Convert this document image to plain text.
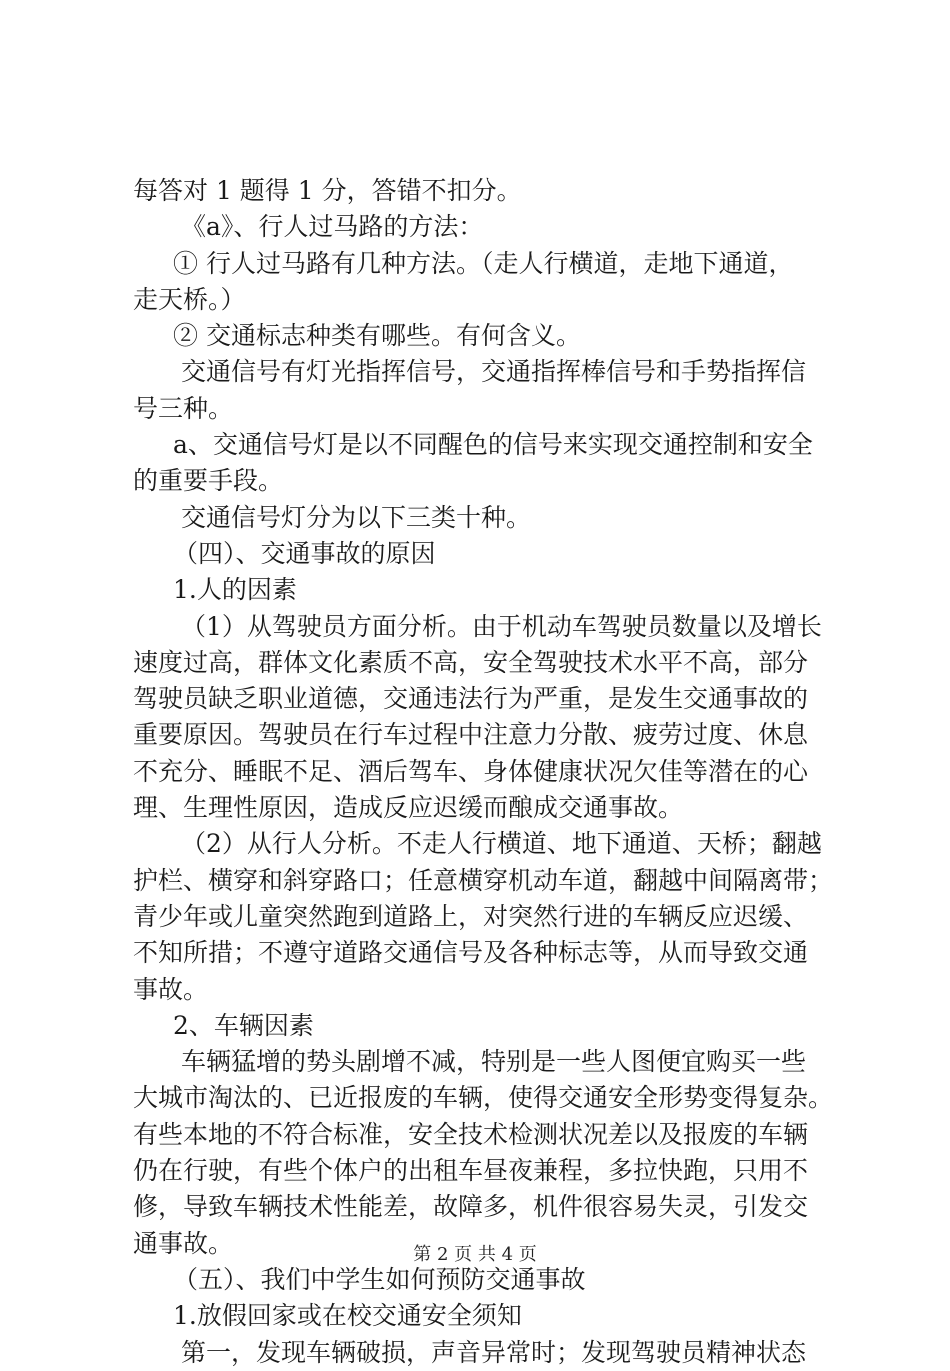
每答对 1 题得 1 分，答错不扣分。
《a》、行人过马路的方法：
① 行人过马路有几种方法。（走人行横道，走地下通道，
走天桥。）
② 交通标志种类有哪些。有何含义。
交通信号有灯光指挥信号，交通指挥棒信号和手势指挥信
号三种。
a、交通信号灯是以不同醒色的信号来实现交通控制和安全
的重要手段。
交通信号灯分为以下三类十种。
（四）、交通事故的原因
1.人的因素
（1）从驾驶员方面分析。由于机动车驾驶员数量以及增长
速度过高，群体文化素质不高，安全驾驶技术水平不高，部分
驾驶员缺乏职业道德，交通违法行为严重，是发生交通事故的
重要原因。驾驶员在行车过程中注意力分散、疲劳过度、休息
不充分、睡眠不足、酒后驾车、身体健康状况欠佳等潜在的心
理、生理性原因，造成反应迟缓而酿成交通事故。
（2）从行人分析。不走人行横道、地下通道、天桥；翻越
护栏、横穿和斜穿路口；任意横穿机动车道，翻越中间隔离带；
青少年或儿童突然跑到道路上，对突然行进的车辆反应迟缓、
不知所措；不遵守道路交通信号及各种标志等，从而导致交通
事故。
2、车辆因素
车辆猛增的势头剧增不减，特别是一些人图便宜购买一些
大城市淘汰的、已近报废的车辆，使得交通安全形势变得复杂。
有些本地的不符合标准，安全技术检测状况差以及报废的车辆
仍在行驶，有些个体户的出租车昼夜兼程，多拉快跑，只用不
修，导致车辆技术性能差，故障多，机件很容易失灵，引发交
通事故。
（五）、我们中学生如何预防交通事故
1.放假回家或在校交通安全须知
第一，发现车辆破损，声音异常时；发现驾驶员精神状态
第 2 页 共 4 页
